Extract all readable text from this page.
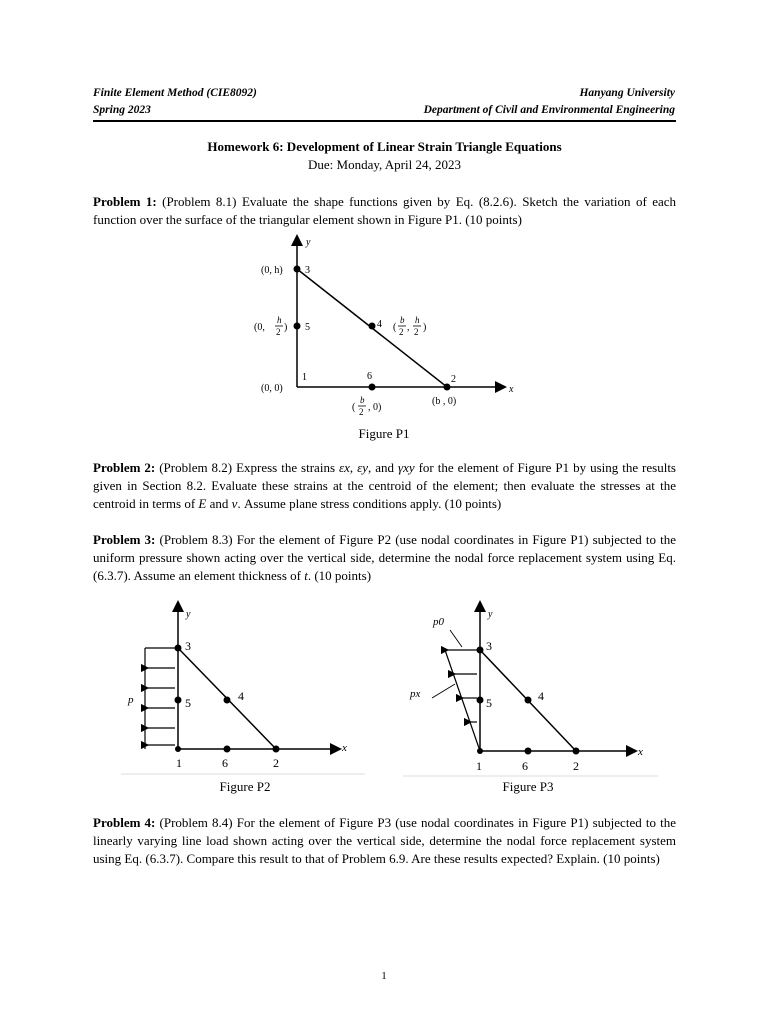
Finite Element Method (CIE8092)
Spring 2023
Hanyang University
Department of Civil and Environmental Engineering
Homework 6: Development of Linear Strain Triangle Equations
Due: Monday, April 24, 2023
Problem 1: (Problem 8.1) Evaluate the shape functions given by Eq. (8.2.6). Sketch the variation of each function over the surface of the triangular element shown in Figure P1. (10 points)
y
x
3
5	4
1	6	2
(0, h)
(0, 0)
(b , 0)
(0,
h
2 )	(
b
2 ,
h
2 )
(
b
2 , 0)
Figure P1
Problem 2: (Problem 8.2) Express the strains εx, εy, and γxy for the element of Figure P1 by using the results given in Section 8.2. Evaluate these strains at the centroid of the element; then evaluate the stresses at the centroid in terms of E and ν. Assume plane stress conditions apply. (10 points)
Problem 3: (Problem 8.3) For the element of Figure P2 (use nodal coordinates in Figure P1) subjected to the uniform pressure shown acting over the vertical side, determine the nodal force replacement system using Eq. (6.3.7). Assume an element thickness of t. (10 points)
p
y
x
3
5	4
1	6	2
Figure P2
p0
px
y
x
3
5	4
1	6	2
Figure P3
Problem 4: (Problem 8.4) For the element of Figure P3 (use nodal coordinates in Figure P1) subjected to the linearly varying line load shown acting over the vertical side, determine the nodal force replacement system using Eq. (6.3.7). Compare this result to that of Problem 6.9. Are these results expected? Explain. (10 points)
1
